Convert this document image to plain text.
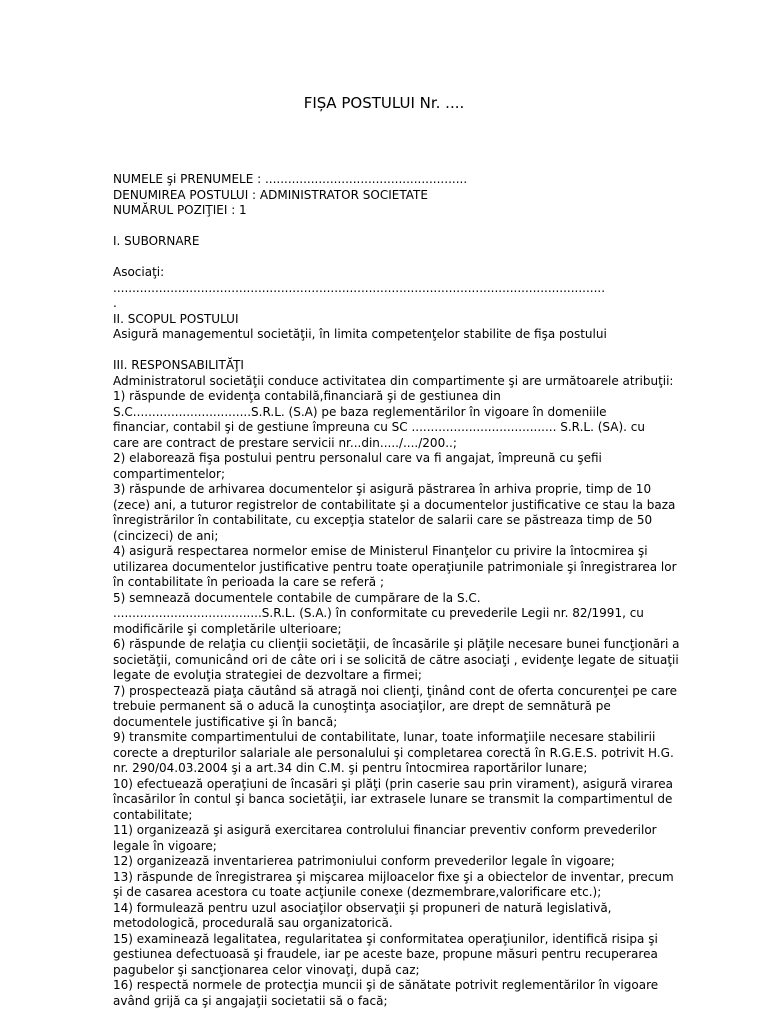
FIȘA POSTULUI Nr. ....
NUMELE şi PRENUMELE : .....................................................
DENUMIREA POSTULUI : ADMINISTRATOR SOCIETATE
NUMĂRUL POZIŢIEI : 1
I. SUBORNARE
Asociaţi:
.................................................................................................................................
.
II. SCOPUL POSTULUI
Asigură managementul societăţii, în limita competenţelor stabilite de fişa postului
III. RESPONSABILITĂŢI
Administratorul societăţii conduce activitatea din compartimente şi are următoarele atribuţii:
1) răspunde de evidenţa contabilă,financiară şi de gestiunea din
S.C...............................S.R.L. (S.A) pe baza reglementărilor în vigoare în domeniile
financiar, contabil şi de gestiune împreuna cu SC ...................................... S.R.L. (SA). cu
care are contract de prestare servicii nr...din...../..../200..;
2) elaborează fişa postului pentru personalul care va fi angajat, împreună cu şefii
compartimentelor;
3) răspunde de arhivarea documentelor şi asigură păstrarea în arhiva proprie, timp de 10
(zece) ani, a tuturor registrelor de contabilitate şi a documentelor justificative ce stau la baza
înregistrărilor în contabilitate, cu excepţia statelor de salarii care se păstreaza timp de 50
(cincizeci) de ani;
4) asigură respectarea normelor emise de Ministerul Finanţelor cu privire la întocmirea şi
utilizarea documentelor justificative pentru toate operaţiunile patrimoniale şi înregistrarea lor
în contabilitate în perioada la care se referă ;
5) semnează documentele contabile de cumpărare de la S.C.
.......................................S.R.L. (S.A.) în conformitate cu prevederile Legii nr. 82/1991, cu
modificările şi completările ulterioare;
6) răspunde de relaţia cu clienţii societăţii, de încasările şi plăţile necesare bunei funcţionări a
societăţii, comunicând ori de câte ori i se solicită de către asociaţi , evidenţe legate de situaţii
legate de evoluţia strategiei de dezvoltare a firmei;
7) prospectează piaţa căutând să atragă noi clienţi, ţinând cont de oferta concurenţei pe care
trebuie permanent să o aducă la cunoştinţa asociaţilor, are drept de semnătură pe
documentele justificative şi în bancă;
9) transmite compartimentului de contabilitate, lunar, toate informaţiile necesare stabilirii
corecte a drepturilor salariale ale personalului şi completarea corectă în R.G.E.S. potrivit H.G.
nr. 290/04.03.2004 şi a art.34 din C.M. şi pentru întocmirea raportărilor lunare;
10) efectuează operaţiuni de încasări şi plăţi (prin caserie sau prin virament), asigură virarea
încasărilor în contul şi banca societăţii, iar extrasele lunare se transmit la compartimentul de
contabilitate;
11) organizează şi asigură exercitarea controlului financiar preventiv conform prevederilor
legale în vigoare;
12) organizează inventarierea patrimoniului conform prevederilor legale în vigoare;
13) răspunde de înregistrarea şi mişcarea mijloacelor fixe şi a obiectelor de inventar, precum
şi de casarea acestora cu toate acţiunile conexe (dezmembrare,valorificare etc.);
14) formulează pentru uzul asociaţilor observaţii şi propuneri de natură legislativă,
metodologică, procedurală sau organizatorică.
15) examinează legalitatea, regularitatea şi conformitatea operaţiunilor, identifică risipa şi
gestiunea defectuoasă şi fraudele, iar pe aceste baze, propune măsuri pentru recuperarea
pagubelor şi sancţionarea celor vinovaţi, după caz;
16) respectă normele de protecţia muncii şi de sănătate potrivit reglementărilor în vigoare
având grijă ca şi angajaţii societatii să o facă;
